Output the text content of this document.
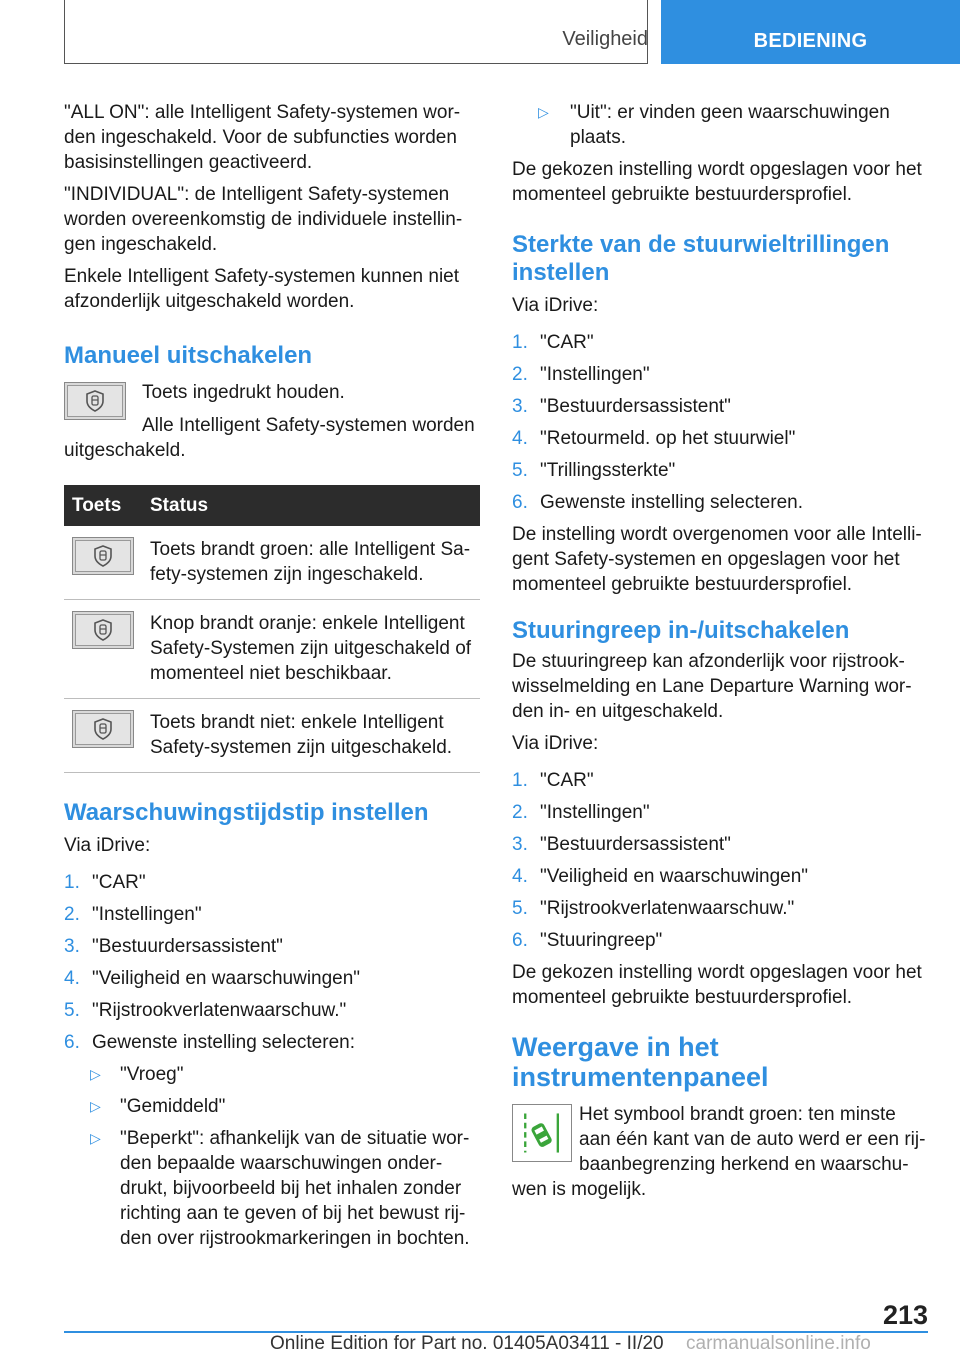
Veiligheid	BEDIENING

"ALL ON": alle Intelligent Safety-systemen wor-den ingeschakeld. Voor de subfuncties worden basisinstellingen geactiveerd.

"INDIVIDUAL": de Intelligent Safety-systemen worden overeenkomstig de individuele instellin-gen ingeschakeld.

Enkele Intelligent Safety-systemen kunnen niet afzonderlijk uitgeschakeld worden.

Manueel uitschakelen
Toets ingedrukt houden.
Alle Intelligent Safety-systemen worden

uitgeschakeld.

Toets	Status

	Toets brandt groen: alle Intelligent Sa-fety-systemen zijn ingeschakeld.

	Knop brandt oranje: enkele Intelligent Safety-Systemen zijn uitgeschakeld of momenteel niet beschikbaar.

	Toets brandt niet: enkele Intelligent Safety-systemen zijn uitgeschakeld.
Waarschuwingstijdstip instellen

Via iDrive:

1. "CAR"
2. "Instellingen"
3. "Bestuurdersassistent"
4. "Veiligheid en waarschuwingen"
5. "Rijstrookverlatenwaarschuw."
6. Gewenste instelling selecteren:
▷ "Vroeg"
▷ "Gemiddeld"
▷ "Beperkt": afhankelijk van de situatie wor-den bepaalde waarschuwingen onder-drukt, bijvoorbeeld bij het inhalen zonder richting aan te geven of bij het bewust rij-den over rijstrookmarkeringen in bochten.
▷ "Uit": er vinden geen waarschuwingen plaats.

De gekozen instelling wordt opgeslagen voor het momenteel gebruikte bestuurdersprofiel.

Sterkte van de stuurwieltrillingen instellen

Via iDrive:

1. "CAR"
2. "Instellingen"
3. "Bestuurdersassistent"
4. "Retourmeld. op het stuurwiel"
5. "Trillingssterkte"
6. Gewenste instelling selecteren.

De instelling wordt overgenomen voor alle Intelli-gent Safety-systemen en opgeslagen voor het momenteel gebruikte bestuurdersprofiel.

Stuuringreep in-/uitschakelen

De stuuringreep kan afzonderlijk voor rijstrook-wisselmelding en Lane Departure Warning wor-den in- en uitgeschakeld.

Via iDrive:

1. "CAR"
2. "Instellingen"
3. "Bestuurdersassistent"
4. "Veiligheid en waarschuwingen"
5. "Rijstrookverlatenwaarschuw."
6. "Stuuringreep"

De gekozen instelling wordt opgeslagen voor het momenteel gebruikte bestuurdersprofiel.

Weergave in het instrumentenpaneel
Het symbool brandt groen: ten minste
aan één kant van de auto werd er een rij-
baanbegrenzing herkend en waarschu-

wen is mogelijk.

213
Online Edition for Part no. 01405A03411 - II/20 carmanualsonline.info
